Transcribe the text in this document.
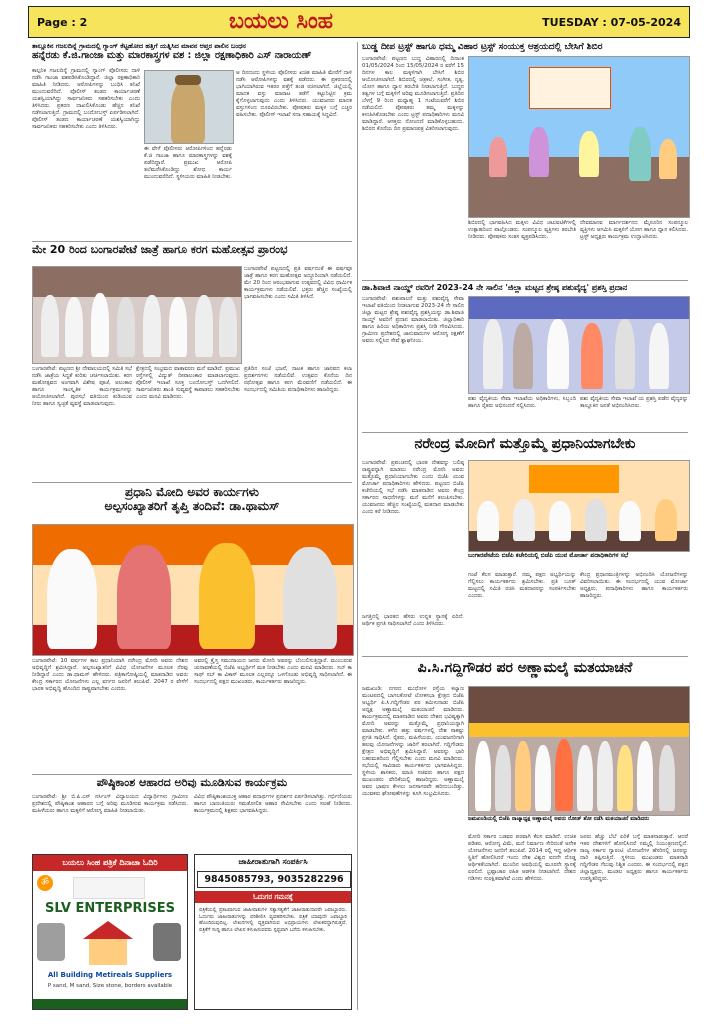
Page : 2	ಬಯಲು ಸಿಂಹ	TUESDAY : 07-05-2024
ತಾಲ್ಲೂಕಿನ ಗಜಲದಿನ್ನೆ ಗ್ರಾಮದಲ್ಲಿ ಗ್ಯಾಂಗ್ ಕೆಟ್ಟಹೋದ ಹತ್ತಿಗೆ ಯತ್ನಿಸಿದ ಮಾವನ ಆಪ್ತರ ಪಾಲಿನ ಬಂಧನ
ಹನ್ನೆರಡು ಕೆ.ಜಿ.ಗಾಂಜಾ ಮತ್ತು ಮಾರಕಾಸ್ತ್ರಗಳ ವಶ : ಜಿಲ್ಲಾ ರಕ್ಷಣಾಧಿಕಾರಿ ಎಸ್ ನಾರಾಯಣ್
ಕಾಲ್ಪನಿಕ ಗಜಲದಿನ್ನೆ ಗ್ರಾಮದಲ್ಲಿ ಗ್ಯಾಂಗ್ ಪೊಲೀಸರು ದಾಳಿ ನಡೆಸಿ ಗಾಂಜಾ ವಶಪಡಿಸಿಕೊಂಡಿದ್ದಾರೆ. ಜಿಲ್ಲಾ ರಕ್ಷಣಾಧಿಕಾರಿ ಮಾಹಿತಿ ನೀಡಿದರು. ಆರೋಪಿಗಳನ್ನು ಬಂಧಿಸಿ ತನಿಖೆ ಮುಂದುವರೆದಿದೆ. ಪೊಲೀಸ್ ತಂಡದ ಕಾರ್ಯಾಚರಣೆ ಯಶಸ್ವಿಯಾಗಿದ್ದು ಸಾರ್ವಜನಿಕರು ಸಹಕರಿಸಬೇಕು ಎಂದು ತಿಳಿಸಿದರು. ಪ್ರಕರಣ ದಾಖಲಿಸಿಕೊಂಡು ಹೆಚ್ಚಿನ ತನಿಖೆ ನಡೆಸಲಾಗುತ್ತಿದೆ. ಗ್ರಾಮದಲ್ಲಿ ಬಂದೋಬಸ್ತ್ ಏರ್ಪಡಿಸಲಾಗಿದೆ. ಪೊಲೀಸ್ ತಂಡದ ಕಾರ್ಯಾಚರಣೆ ಯಶಸ್ವಿಯಾಗಿದ್ದು ಸಾರ್ವಜನಿಕರು ಸಹಕರಿಸಬೇಕು ಎಂದು ತಿಳಿಸಿದರು.
ಈ ವೇಳೆ ಪೊಲೀಸರು ಆರೋಪಿಗಳಿಂದ ಹನ್ನೆರಡು ಕೆ.ಜಿ ಗಾಂಜಾ ಹಾಗೂ ಮಾರಕಾಸ್ತ್ರಗಳನ್ನು ವಶಕ್ಕೆ ಪಡೆದಿದ್ದಾರೆ. ಪ್ರಮುಖ ಆರೋಪಿ ತಲೆಮರೆಸಿಕೊಂಡಿದ್ದು ಶೋಧ ಕಾರ್ಯ ಮುಂದುವರೆದಿದೆ. ಸ್ಥಳೀಯರು ಮಾಹಿತಿ ನೀಡಬೇಕು.
ಆ ದಿನದಂದು ಸ್ಥಳೀಯ ಪೊಲೀಸರು ಖಚಿತ ಮಾಹಿತಿ ಮೇರೆಗೆ ದಾಳಿ ನಡೆಸಿ ಆರೋಪಿಗಳನ್ನು ವಶಕ್ಕೆ ಪಡೆದರು. ಈ ಪ್ರಕರಣದಲ್ಲಿ ಭಾಗಿಯಾಗಿರುವ ಇತರರ ಪತ್ತೆಗೆ ತಂಡ ರಚಿಸಲಾಗಿದೆ. ಜಿಲ್ಲೆಯಲ್ಲಿ ಮಾದಕ ವಸ್ತು ಮಾರಾಟ ತಡೆಗೆ ಕಟ್ಟುನಿಟ್ಟಿನ ಕ್ರಮ ಕೈಗೊಳ್ಳಲಾಗುವುದು ಎಂದು ತಿಳಿಸಿದರು. ಯುವಜನರು ಮಾದಕ ವಸ್ತುಗಳಿಂದ ದೂರವಿರಬೇಕು. ಪೋಷಕರು ಮಕ್ಕಳ ಬಗ್ಗೆ ಎಚ್ಚರ ವಹಿಸಬೇಕು. ಪೊಲೀಸ್ ಇಲಾಖೆ ಸದಾ ಸಹಾಯಕ್ಕೆ ಸಿದ್ಧವಿದೆ.
ಮೇ 20 ರಿಂದ ಬಂಗಾರಪೇಟೆ ಜಾತ್ರೆ ಹಾಗೂ ಕರಗ ಮಹೋತ್ಸವ ಪ್ರಾರಂಭ
ಬಂಗಾರಪೇಟೆ ಪಟ್ಟಣದಲ್ಲಿ ಪ್ರತಿ ವರ್ಷದಂತೆ ಈ ವರ್ಷವೂ ಜಾತ್ರೆ ಹಾಗೂ ಕರಗ ಮಹೋತ್ಸವ ಅದ್ಧೂರಿಯಾಗಿ ನಡೆಯಲಿದೆ. ಮೇ 20 ರಿಂದ ಆರಂಭವಾಗುವ ಉತ್ಸವದಲ್ಲಿ ವಿವಿಧ ಧಾರ್ಮಿಕ ಕಾರ್ಯಕ್ರಮಗಳು ನಡೆಯಲಿವೆ. ಭಕ್ತರು ಹೆಚ್ಚಿನ ಸಂಖ್ಯೆಯಲ್ಲಿ ಭಾಗವಹಿಸಬೇಕು ಎಂದು ಸಮಿತಿ ತಿಳಿಸಿದೆ.
ಬಂಗಾರಪೇಟೆ: ಪಟ್ಟಣದ ಶ್ರೀ ದೇವಾಲಯದಲ್ಲಿ ಸಮಿತಿ ಸಭೆ ನಡೆಸಿ ಜಾತ್ರೆಯ ಸಿದ್ಧತೆ ಕುರಿತು ಚರ್ಚಿಸಲಾಯಿತು. ಕರಗ ಮಹೋತ್ಸವದ ಅಂಗವಾಗಿ ವಿಶೇಷ ಪೂಜೆ, ಅಲಂಕಾರ ಹಾಗೂ ಸಾಂಸ್ಕೃತಿಕ ಕಾರ್ಯಕ್ರಮಗಳನ್ನು ಆಯೋಜಿಸಲಾಗಿದೆ. ಪುರಸಭೆ ವತಿಯಿಂದ ಕುಡಿಯುವ ನೀರು ಹಾಗೂ ಸ್ವಚ್ಛತೆ ವ್ಯವಸ್ಥೆ ಮಾಡಲಾಗುವುದು.
ಕ್ಷೇತ್ರದಲ್ಲಿ ಸಂಭ್ರಮದ ವಾತಾವರಣ ಮನೆ ಮಾಡಿದೆ. ಪ್ರಮುಖ ರಸ್ತೆಗಳಲ್ಲಿ ವಿದ್ಯುತ್ ದೀಪಾಲಂಕಾರ ಮಾಡಲಾಗುವುದು. ಪೊಲೀಸ್ ಇಲಾಖೆ ಸೂಕ್ತ ಬಂದೋಬಸ್ತ್ ಒದಗಿಸಲಿದೆ. ಸಾರ್ವಜನಿಕರು ಶಾಂತಿ ಸುವ್ಯವಸ್ಥೆ ಕಾಪಾಡಲು ಸಹಕರಿಸಬೇಕು ಎಂದು ಮನವಿ ಮಾಡಿದರು.
ಪ್ರತಿದಿನ ಸಂಜೆ ಭಜನೆ, ನಾಟಕ ಹಾಗೂ ಜಾನಪದ ಕಲಾ ಪ್ರದರ್ಶನಗಳು ನಡೆಯಲಿವೆ. ಉತ್ಸವದ ಕೊನೆಯ ದಿನ ರಥೋತ್ಸವ ಹಾಗೂ ಕರಗ ಮೆರವಣಿಗೆ ನಡೆಯಲಿದೆ. ಈ ಸಂದರ್ಭದಲ್ಲಿ ಸಮಿತಿಯ ಪದಾಧಿಕಾರಿಗಳು ಹಾಜರಿದ್ದರು.
ಪ್ರಧಾನಿ ಮೋದಿ ಅವರ ಕಾರ್ಯಗಳು
ಅಲ್ಪಸಂಖ್ಯಾತರಿಗೆ ತೃಪ್ತಿ ತಂದಿವೆ: ಡಾ.ಥಾಮಸ್
ಬಂಗಾರಪೇಟೆ: 10 ವರ್ಷಗಳ ಕಾಲ ಪ್ರಧಾನಿಯಾಗಿ ನರೇಂದ್ರ ಮೋದಿ ಅವರು ದೇಶದ ಅಭಿವೃದ್ಧಿಗೆ ಶ್ರಮಿಸಿದ್ದಾರೆ. ಅಲ್ಪಸಂಖ್ಯಾತರಿಗೆ ವಿವಿಧ ಯೋಜನೆಗಳ ಮೂಲಕ ನೆರವು ನೀಡಿದ್ದಾರೆ ಎಂದು ಡಾ.ಥಾಮಸ್ ಹೇಳಿದರು. ಪತ್ರಿಕಾಗೋಷ್ಠಿಯಲ್ಲಿ ಮಾತನಾಡಿದ ಅವರು ಕೇಂದ್ರ ಸರ್ಕಾರದ ಯೋಜನೆಗಳು ಎಲ್ಲ ವರ್ಗದ ಜನರಿಗೆ ತಲುಪಿವೆ. 2047 ರ ವೇಳೆಗೆ ಭಾರತ ಅಭಿವೃದ್ಧಿ ಹೊಂದಿದ ರಾಷ್ಟ್ರವಾಗಬೇಕು ಎಂದರು.
ಅವರಲ್ಲಿ ಕ್ರೈಸ್ತ ಸಮುದಾಯದ ಜನರು ಮೋದಿ ಅವರನ್ನು ಬೆಂಬಲಿಸುತ್ತಿದ್ದಾರೆ. ಮುಂಬರುವ ಚುನಾವಣೆಯಲ್ಲಿ ಬಿಜೆಪಿ ಅಭ್ಯರ್ಥಿಗೆ ಮತ ನೀಡಬೇಕು ಎಂದು ಮನವಿ ಮಾಡಿದರು. ಸಬ್ ಕಾ ಸಾಥ್ ಸಬ್ ಕಾ ವಿಕಾಸ್ ಮೂಲಕ ಎಲ್ಲರನ್ನೂ ಒಳಗೊಂಡು ಅಭಿವೃದ್ಧಿ ಸಾಧಿಸಲಾಗಿದೆ. ಈ ಸಂದರ್ಭದಲ್ಲಿ ಪಕ್ಷದ ಮುಖಂಡರು, ಕಾರ್ಯಕರ್ತರು ಹಾಜರಿದ್ದರು.
ಪೌಷ್ಠಿಕಾಂಶ ಆಹಾರದ ಅರಿವು ಮೂಡಿಸುವ ಕಾರ್ಯಕ್ರಮ
ಬಂಗಾರಪೇಟೆ: ಶ್ರೀ ಬಿ.ಪಿ.ಎಸ್ ನರ್ಸಿಂಗ್ ವಿದ್ಯಾಲಯದ ವಿದ್ಯಾರ್ಥಿಗಳು ಗ್ರಾಮೀಣ ಪ್ರದೇಶದಲ್ಲಿ ಪೌಷ್ಠಿಕಾಂಶ ಆಹಾರದ ಬಗ್ಗೆ ಅರಿವು ಮೂಡಿಸುವ ಕಾರ್ಯಕ್ರಮ ನಡೆಸಿದರು. ಮಹಿಳೆಯರು ಹಾಗೂ ಮಕ್ಕಳಿಗೆ ಆರೋಗ್ಯ ಮಾಹಿತಿ ನೀಡಲಾಯಿತು.
ವಿವಿಧ ಪೌಷ್ಠಿಕಾಂಶಯುಕ್ತ ಆಹಾರ ಪದಾರ್ಥಗಳ ಪ್ರದರ್ಶನ ಏರ್ಪಡಿಸಲಾಗಿತ್ತು. ಗರ್ಭಿಣಿಯರು ಹಾಗೂ ಬಾಣಂತಿಯರು ಸಮತೋಲಿತ ಆಹಾರ ಸೇವಿಸಬೇಕು ಎಂದು ಸಲಹೆ ನೀಡಿದರು. ಕಾರ್ಯಕ್ರಮದಲ್ಲಿ ಶಿಕ್ಷಕರು ಭಾಗವಹಿಸಿದ್ದರು.
ಬಯಲು ಸಿಂಹ ಪತ್ರಿಕೆ ದಿನಾಚಾ ಓದಿರಿ
ॐ
SLV ENTERPRISES
All Building Metireals Suppliers
P sand, M sand, Size stone, borders available
ಜಾಹೀರಾತುಗಾಗಿ ಸಂಪರ್ಕಿಸಿ
9845085793, 9035282296
ಓದುಗರ ಗಮನಕ್ಕೆ
ಪತ್ರಿಕೆಯಲ್ಲಿ ಪ್ರಕಟವಾಗುವ ಜಾಹೀರಾತುಗಳ ಸತ್ಯಾಸತ್ಯತೆಗೆ ಜಾಹೀರಾತುದಾರರೇ ಜವಾಬ್ದಾರರು. ಓದುಗರು ಜಾಹೀರಾತುಗಳನ್ನು ಪರಿಶೀಲಿಸಿ ವ್ಯವಹರಿಸಬೇಕು. ಪತ್ರಿಕೆ ಯಾವುದೇ ಜವಾಬ್ದಾರಿ ಹೊಂದಿರುವುದಿಲ್ಲ. ಲೇಖನಗಳಲ್ಲಿ ವ್ಯಕ್ತವಾಗಿರುವ ಅಭಿಪ್ರಾಯಗಳು ಲೇಖಕರದ್ದಾಗಿರುತ್ತವೆ. ಪತ್ರಿಕೆಗೆ ಸುದ್ದಿ ಹಾಗೂ ಲೇಖನ ಕಳುಹಿಸುವವರು ಸ್ಪಷ್ಟವಾಗಿ ಬರೆದು ಕಳುಹಿಸಬೇಕು.
ಬುಡ್ಡ ದೀಪ ಟ್ರಸ್ಟ್ ಹಾಗೂ ಧಮ್ಮ ವಿಹಾರ ಟ್ರಸ್ಟ್ ಸಂಯುಕ್ತ ಆಶ್ರಯದಲ್ಲಿ ಬೇಸಿಗೆ ಶಿಬಿರ
ಬಂಗಾರಪೇಟೆ: ಪಟ್ಟಣದ ಬುದ್ಧ ವಿಹಾರದಲ್ಲಿ ದಿನಾಂಕ 01/05/2024 ರಿಂದ 15/05/2024 ರ ವರೆಗೆ 15 ದಿನಗಳ ಕಾಲ ಮಕ್ಕಳಿಗಾಗಿ ಬೇಸಿಗೆ ಶಿಬಿರ ಆಯೋಜಿಸಲಾಗಿದೆ. ಶಿಬಿರದಲ್ಲಿ ಚಿತ್ರಕಲೆ, ಸಂಗೀತ, ನೃತ್ಯ, ಯೋಗ ಹಾಗೂ ಧ್ಯಾನ ತರಬೇತಿ ನೀಡಲಾಗುತ್ತಿದೆ. ಬುದ್ಧನ ತತ್ವಗಳ ಬಗ್ಗೆ ಮಕ್ಕಳಿಗೆ ಅರಿವು ಮೂಡಿಸಲಾಗುತ್ತಿದೆ. ಪ್ರತಿದಿನ ಬೆಳಗ್ಗೆ 9 ರಿಂದ ಮಧ್ಯಾಹ್ನ 1 ಗಂಟೆಯವರೆಗೆ ಶಿಬಿರ ನಡೆಯಲಿದೆ. ಪೋಷಕರು ತಮ್ಮ ಮಕ್ಕಳನ್ನು ಕಳುಹಿಸಿಕೊಡಬೇಕು ಎಂದು ಟ್ರಸ್ಟ್ ಪದಾಧಿಕಾರಿಗಳು ಮನವಿ ಮಾಡಿದ್ದಾರೆ. ಆಸಕ್ತರು ನೋಂದಣಿ ಮಾಡಿಕೊಳ್ಳಬಹುದು. ಶಿಬಿರದ ಕೊನೆಯ ದಿನ ಪ್ರಮಾಣಪತ್ರ ವಿತರಿಸಲಾಗುವುದು.
ಶಿಬಿರದಲ್ಲಿ ಭಾಗವಹಿಸಿದ ಮಕ್ಕಳು ವಿವಿಧ ಚಟುವಟಿಕೆಗಳಲ್ಲಿ ಉತ್ಸಾಹದಿಂದ ಪಾಲ್ಗೊಂಡರು. ಸಂಪನ್ಮೂಲ ವ್ಯಕ್ತಿಗಳು ತರಬೇತಿ ನೀಡಿದರು. ಪೋಷಕರು ಸಂತಸ ವ್ಯಕ್ತಪಡಿಸಿದರು.
ದೇವಮಾನವ ಮಾರ್ಗದರ್ಶನದ ಮೈಸೂರಿನ ಸಂಪನ್ಮೂಲ ವ್ಯಕ್ತಿಗಳು ಆಗಮಿಸಿ ಮಕ್ಕಳಿಗೆ ಯೋಗ ಹಾಗೂ ಧ್ಯಾನ ಕಲಿಸಿದರು. ಟ್ರಸ್ಟ್ ಅಧ್ಯಕ್ಷರು ಕಾರ್ಯಕ್ರಮ ಉದ್ಘಾಟಿಸಿದರು.
ಡಾ.ಶಿವಾಜಿ ನಾಯ್ಡ್ ರವರಿಗೆ 2023-24 ನೇ ಸಾಲಿನ 'ಜಿಲ್ಲಾ ಮಟ್ಟದ ಶ್ರೇಷ್ಠ ಪಶುವೈದ್ಯ' ಪ್ರಶಸ್ತಿ ಪ್ರದಾನ
ಬಂಗಾರಪೇಟೆ: ಪಶುಪಾಲನೆ ಮತ್ತು ಪಶುವೈದ್ಯ ಸೇವಾ ಇಲಾಖೆ ವತಿಯಿಂದ ನೀಡಲಾಗುವ 2023-24 ನೇ ಸಾಲಿನ ಜಿಲ್ಲಾ ಮಟ್ಟದ ಶ್ರೇಷ್ಠ ಪಶುವೈದ್ಯ ಪ್ರಶಸ್ತಿಯನ್ನು ಡಾ.ಶಿವಾಜಿ ನಾಯ್ಡ್ ಅವರಿಗೆ ಪ್ರದಾನ ಮಾಡಲಾಯಿತು. ಜಿಲ್ಲಾಧಿಕಾರಿ ಹಾಗೂ ಹಿರಿಯ ಅಧಿಕಾರಿಗಳು ಪ್ರಶಸ್ತಿ ನೀಡಿ ಗೌರವಿಸಿದರು. ಗ್ರಾಮೀಣ ಪ್ರದೇಶದಲ್ಲಿ ಜಾನುವಾರುಗಳ ಆರೋಗ್ಯ ರಕ್ಷಣೆಗೆ ಅವರು ಸಲ್ಲಿಸಿದ ಸೇವೆ ಶ್ಲಾಘನೀಯ.
ಪಶು ವೈದ್ಯಕೀಯ ಸೇವಾ ಇಲಾಖೆಯ ಅಧಿಕಾರಿಗಳು, ಸಿಬ್ಬಂದಿ ಹಾಗೂ ರೈತರು ಅಭಿನಂದನೆ ಸಲ್ಲಿಸಿದರು.
ಪಶು ವೈದ್ಯಕೀಯ ಸೇವಾ ಇಲಾಖೆ ಯ ಪ್ರಶಸ್ತಿ ಪಡೆದ ವೈದ್ಯರನ್ನು ತಾಲ್ಲೂಕಿನ ಜನತೆ ಅಭಿನಂದಿಸಿದರು.
ನರೇಂದ್ರ ಮೋದಿಗೆ ಮತ್ತೊಮ್ಮೆ ಪ್ರಧಾನಿಯಾಗಬೇಕು
ಬಂಗಾರಪೇಟೆ: ಪ್ರಪಂಚದಲ್ಲಿ ಭಾರತ ದೇಶವನ್ನು ಬಲಿಷ್ಠ ರಾಷ್ಟ್ರವನ್ನಾಗಿ ಮಾಡಲು ನರೇಂದ್ರ ಮೋದಿ ಅವರು ಮತ್ತೊಮ್ಮೆ ಪ್ರಧಾನಿಯಾಗಬೇಕು ಎಂದು ಬಿಜೆಪಿ ಯುವ ಮೋರ್ಚಾ ಪದಾಧಿಕಾರಿಗಳು ಹೇಳಿದರು. ಪಟ್ಟಣದ ಬಿಜೆಪಿ ಕಚೇರಿಯಲ್ಲಿ ಸಭೆ ನಡೆಸಿ ಮಾತನಾಡಿದ ಅವರು ಕೇಂದ್ರ ಸರ್ಕಾರದ ಸಾಧನೆಗಳನ್ನು ಮನೆ ಮನೆಗೆ ತಲುಪಿಸಬೇಕು. ಯುವಜನರು ಹೆಚ್ಚಿನ ಸಂಖ್ಯೆಯಲ್ಲಿ ಮತದಾನ ಮಾಡಬೇಕು ಎಂದು ಕರೆ ನೀಡಿದರು.
ಬಂಗಾರಪೇಟೆಯ ಬಿಜೆಪಿ ಕಚೇರಿಯಲ್ಲಿ ಬಿಜೆಪಿ ಯುವ ಮೋರ್ಚಾ ಪದಾಧಿಕಾರಿಗಳ ಸಭೆ
ಗಂಟೆ ಕೆಲಸ ಮಾಡುತ್ತಾರೆ. ನಮ್ಮ ಪಕ್ಷದ ಅಭ್ಯರ್ಥಿಯನ್ನು ಗೆಲ್ಲಿಸಲು ಕಾರ್ಯಕರ್ತರು ಶ್ರಮಿಸಬೇಕು. ಪ್ರತಿ ಬೂತ್ ಮಟ್ಟದಲ್ಲಿ ಸಮಿತಿ ರಚಿಸಿ ಮತದಾರರನ್ನು ಸಂಪರ್ಕಿಸಬೇಕು ಎಂದರು.
ಕೇಂದ್ರ ಪ್ರಧಾನಮಂತ್ರಿಗಳನ್ನು ಅಭಿನಂದಿಸಿ ಯೋಜನೆಗಳನ್ನು ವಿವರಿಸಲಾಯಿತು. ಈ ಸಂದರ್ಭದಲ್ಲಿ ಯುವ ಮೋರ್ಚಾ ಅಧ್ಯಕ್ಷರು, ಪದಾಧಿಕಾರಿಗಳು ಹಾಗೂ ಕಾರ್ಯಕರ್ತರು ಹಾಜರಿದ್ದರು.
ಜಗತ್ತಿನಲ್ಲಿ ಭಾರತದ ಹೆಸರು ಉನ್ನತ ಸ್ಥಾನಕ್ಕೆ ಏರಿದೆ. ಆರ್ಥಿಕ ಪ್ರಗತಿ ಸಾಧಿಸಲಾಗಿದೆ ಎಂದು ತಿಳಿಸಿದರು.
ಪಿ.ಸಿ.ಗದ್ದಿಗೌಡರ ಪರ ಅಣ್ಣಾಮಲೈ ಮತಯಾಚನೆ
ಜಮಖಂಡಿ: ನಗರದ ಮುಧೋಳ ರಸ್ತೆಯ ಕಲ್ಯಾಣ ಮಂಟಪದಲ್ಲಿ ಬಾಗಲಕೋಟೆ ಲೋಕಸಭಾ ಕ್ಷೇತ್ರದ ಬಿಜೆಪಿ ಅಭ್ಯರ್ಥಿ ಪಿ.ಸಿ.ಗದ್ದಿಗೌಡರ ಪರ ತಮಿಳುನಾಡು ಬಿಜೆಪಿ ಅಧ್ಯಕ್ಷ ಅಣ್ಣಾಮಲೈ ಮತಯಾಚನೆ ಮಾಡಿದರು. ಕಾರ್ಯಕ್ರಮದಲ್ಲಿ ಮಾತನಾಡಿದ ಅವರು ದೇಶದ ಭವಿಷ್ಯಕ್ಕಾಗಿ ಮೋದಿ ಅವರನ್ನು ಮತ್ತೊಮ್ಮೆ ಪ್ರಧಾನಿಯನ್ನಾಗಿ ಮಾಡಬೇಕು. ಕಳೆದ ಹತ್ತು ವರ್ಷಗಳಲ್ಲಿ ದೇಶ ಸಾಕಷ್ಟು ಪ್ರಗತಿ ಸಾಧಿಸಿದೆ. ರೈತರು, ಮಹಿಳೆಯರು, ಯುವಜನರಿಗಾಗಿ ಹಲವು ಯೋಜನೆಗಳನ್ನು ಜಾರಿಗೆ ತರಲಾಗಿದೆ. ಗದ್ದಿಗೌಡರು ಕ್ಷೇತ್ರದ ಅಭಿವೃದ್ಧಿಗೆ ಶ್ರಮಿಸಿದ್ದಾರೆ. ಅವರನ್ನು ಭಾರಿ ಬಹುಮತದಿಂದ ಗೆಲ್ಲಿಸಬೇಕು ಎಂದು ಮನವಿ ಮಾಡಿದರು. ಸಭೆಯಲ್ಲಿ ಸಾವಿರಾರು ಕಾರ್ಯಕರ್ತರು ಭಾಗವಹಿಸಿದ್ದರು. ಸ್ಥಳೀಯ ಶಾಸಕರು, ಮಾಜಿ ಸಚಿವರು ಹಾಗೂ ಪಕ್ಷದ ಮುಖಂಡರು ವೇದಿಕೆಯಲ್ಲಿ ಹಾಜರಿದ್ದರು. ಅಣ್ಣಾಮಲೈ ಅವರ ಭಾಷಣ ಕೇಳಲು ಜನಸಾಗರವೇ ಹರಿದುಬಂದಿತ್ತು. ಯುವಕರು ಘೋಷಣೆಗಳನ್ನು ಕೂಗಿ ಸಂಭ್ರಮಿಸಿದರು.
ಜಮಖಂಡಿಯಲ್ಲಿ ಬಿಜೆಪಿ ರಾಜ್ಯಾಧ್ಯಕ್ಷ ಅಣ್ಣಾಮಲೈ ಅವರು ರೋಡ್ ಶೋ ನಡೆಸಿ ಮತಯಾಚನೆ ಮಾಡಿದರು
ಮೋದಿ ಸರ್ಕಾರ ಬಡವರ ಪರವಾಗಿ ಕೆಲಸ ಮಾಡಿದೆ. ಉಚಿತ ಪಡಿತರ, ಆರೋಗ್ಯ ವಿಮೆ, ಮನೆ ನಿರ್ಮಾಣ ಸೇರಿದಂತೆ ಅನೇಕ ಯೋಜನೆಗಳು ಜನರಿಗೆ ತಲುಪಿವೆ. 2014 ರಲ್ಲಿ ಇದ್ದ ಆರ್ಥಿಕ ಸ್ಥಿತಿಗೆ ಹೋಲಿಸಿದರೆ ಇಂದು ದೇಶ ವಿಶ್ವದ ಐದನೇ ದೊಡ್ಡ ಆರ್ಥಿಕತೆಯಾಗಿದೆ. ಮುಂದಿನ ಅವಧಿಯಲ್ಲಿ ಮೂರನೇ ಸ್ಥಾನಕ್ಕೆ ಏರಲಿದೆ. ಭ್ರಷ್ಟಾಚಾರ ರಹಿತ ಆಡಳಿತ ನೀಡಲಾಗಿದೆ. ದೇಶದ ಗಡಿಗಳು ಸುರಕ್ಷಿತವಾಗಿವೆ ಎಂದು ಹೇಳಿದರು.
ಜನರು ಹೆಚ್ಚು ಬೆಲೆ ಏರಿಕೆ ಬಗ್ಗೆ ಮಾತನಾಡುತ್ತಾರೆ. ಆದರೆ ಇತರ ದೇಶಗಳಿಗೆ ಹೋಲಿಸಿದರೆ ನಮ್ಮಲ್ಲಿ ನಿಯಂತ್ರಣದಲ್ಲಿದೆ. ರಾಜ್ಯ ಸರ್ಕಾರ ಗ್ಯಾರಂಟಿ ಯೋಜನೆಗಳ ಹೆಸರಿನಲ್ಲಿ ಜನರನ್ನು ದಾರಿ ತಪ್ಪಿಸುತ್ತಿದೆ. ಸ್ಥಳೀಯ ಮುಖಂಡರು ಮಾತನಾಡಿ ಗದ್ದಿಗೌಡರ ಗೆಲುವು ನಿಶ್ಚಿತ ಎಂದರು. ಈ ಸಂದರ್ಭದಲ್ಲಿ ಪಕ್ಷದ ಜಿಲ್ಲಾಧ್ಯಕ್ಷರು, ಮಂಡಲ ಅಧ್ಯಕ್ಷರು ಹಾಗೂ ಕಾರ್ಯಕರ್ತರು ಉಪಸ್ಥಿತರಿದ್ದರು.
